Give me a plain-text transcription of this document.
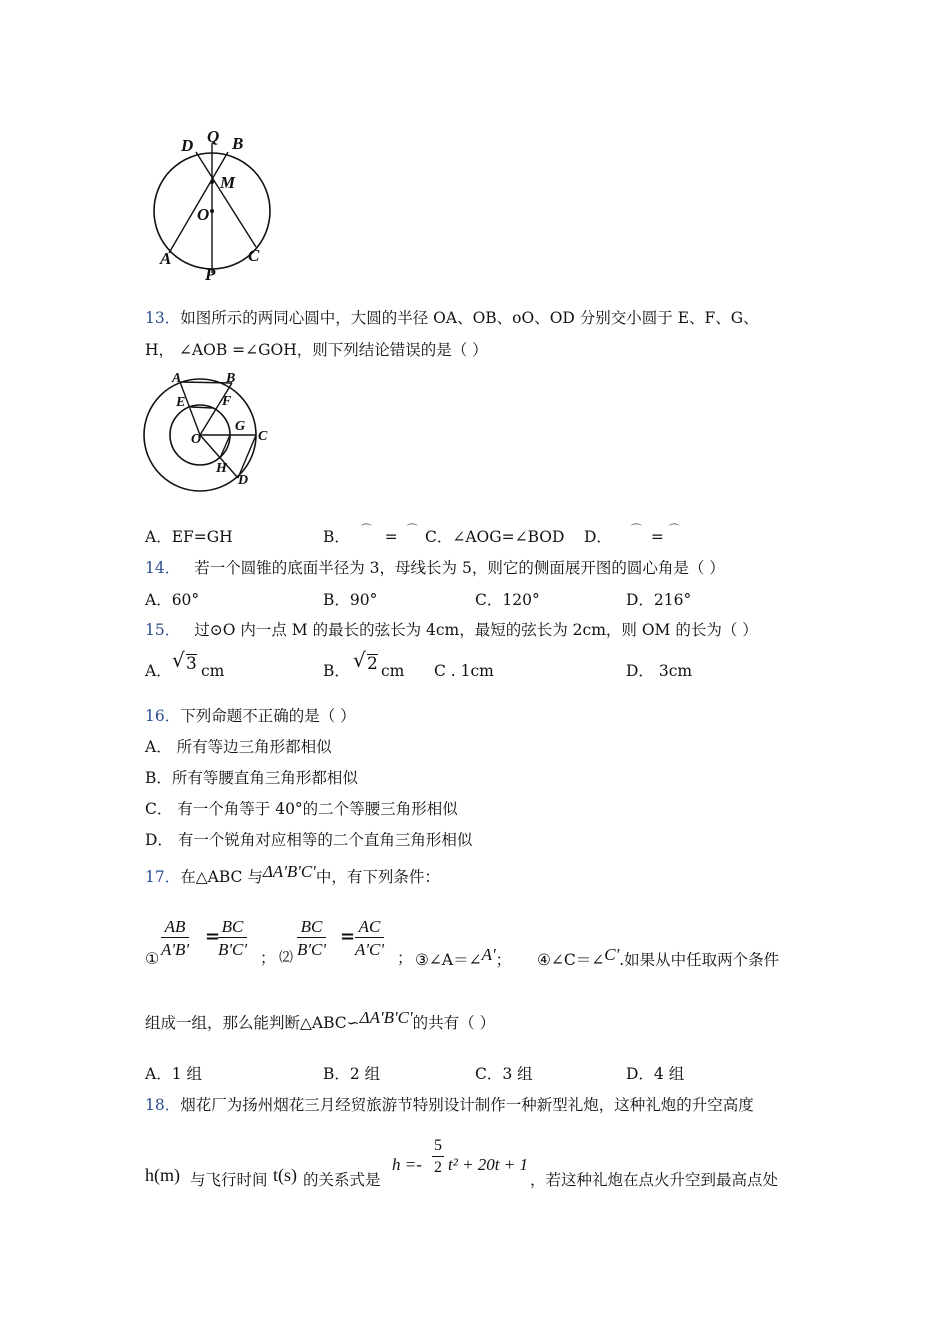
D Q B
M
O
A
P
C
13．如图所示的两同心圆中，大圆的半径 OA、OB、oO、OD 分别交小圆于 E、F、G、
H， ∠AOB =∠GOH，则下列结论错误的是（ ）
A	B
E	F
O
G
C
H
D
A．EF=GH	B． ⌒ = ⌒ C．∠AOG=∠BOD D． ⌒ = ⌒
14． 若一个圆锥的底面半径为 3，母线长为 5，则它的侧面展开图的圆心角是（ ）
A．60°	B．90°	C．120°	D．216°
15． 过⊙O 内一点 M 的最长的弦长为 4cm，最短的弦长为 2cm，则 OM 的长为（ ）
A． √ 3 cm	B． √ 2 cm C . 1cm	D． 3cm
16．下列命题不正确的是（ ）
A． 所有等边三角形都相似
B．所有等腰直角三角形都相似
C． 有一个角等于 40°的二个等腰三角形相似
D． 有一个锐角对应相等的二个直角三角形相似
17．在△ABC 与ΔA'B'C'中，有下列条件：
①
$\frac{AB}{A'B'}$ =
$\frac{BC}{B'C'}$ ； ⑵ $\frac{BC}{B'C'} = \frac{AC}{A'C'}$ ； ③∠A＝∠A'； ④∠C＝∠C'.如果从中任取两个条件
组成一组，那么能判断△ABC∽ΔA'B'C'的共有（ ）
A．1 组	B．2 组	C．3 组	D．4 组
18．烟花厂为扬州烟花三月经贸旅游节特别设计制作一种新型礼炮，这种礼炮的升空高度
h(m) 与飞行时间 t(s) 的关系式是
$h =- \frac{5}{2} t^2 + 20t + 1$
，若这种礼炮在点火升空到最高点处
